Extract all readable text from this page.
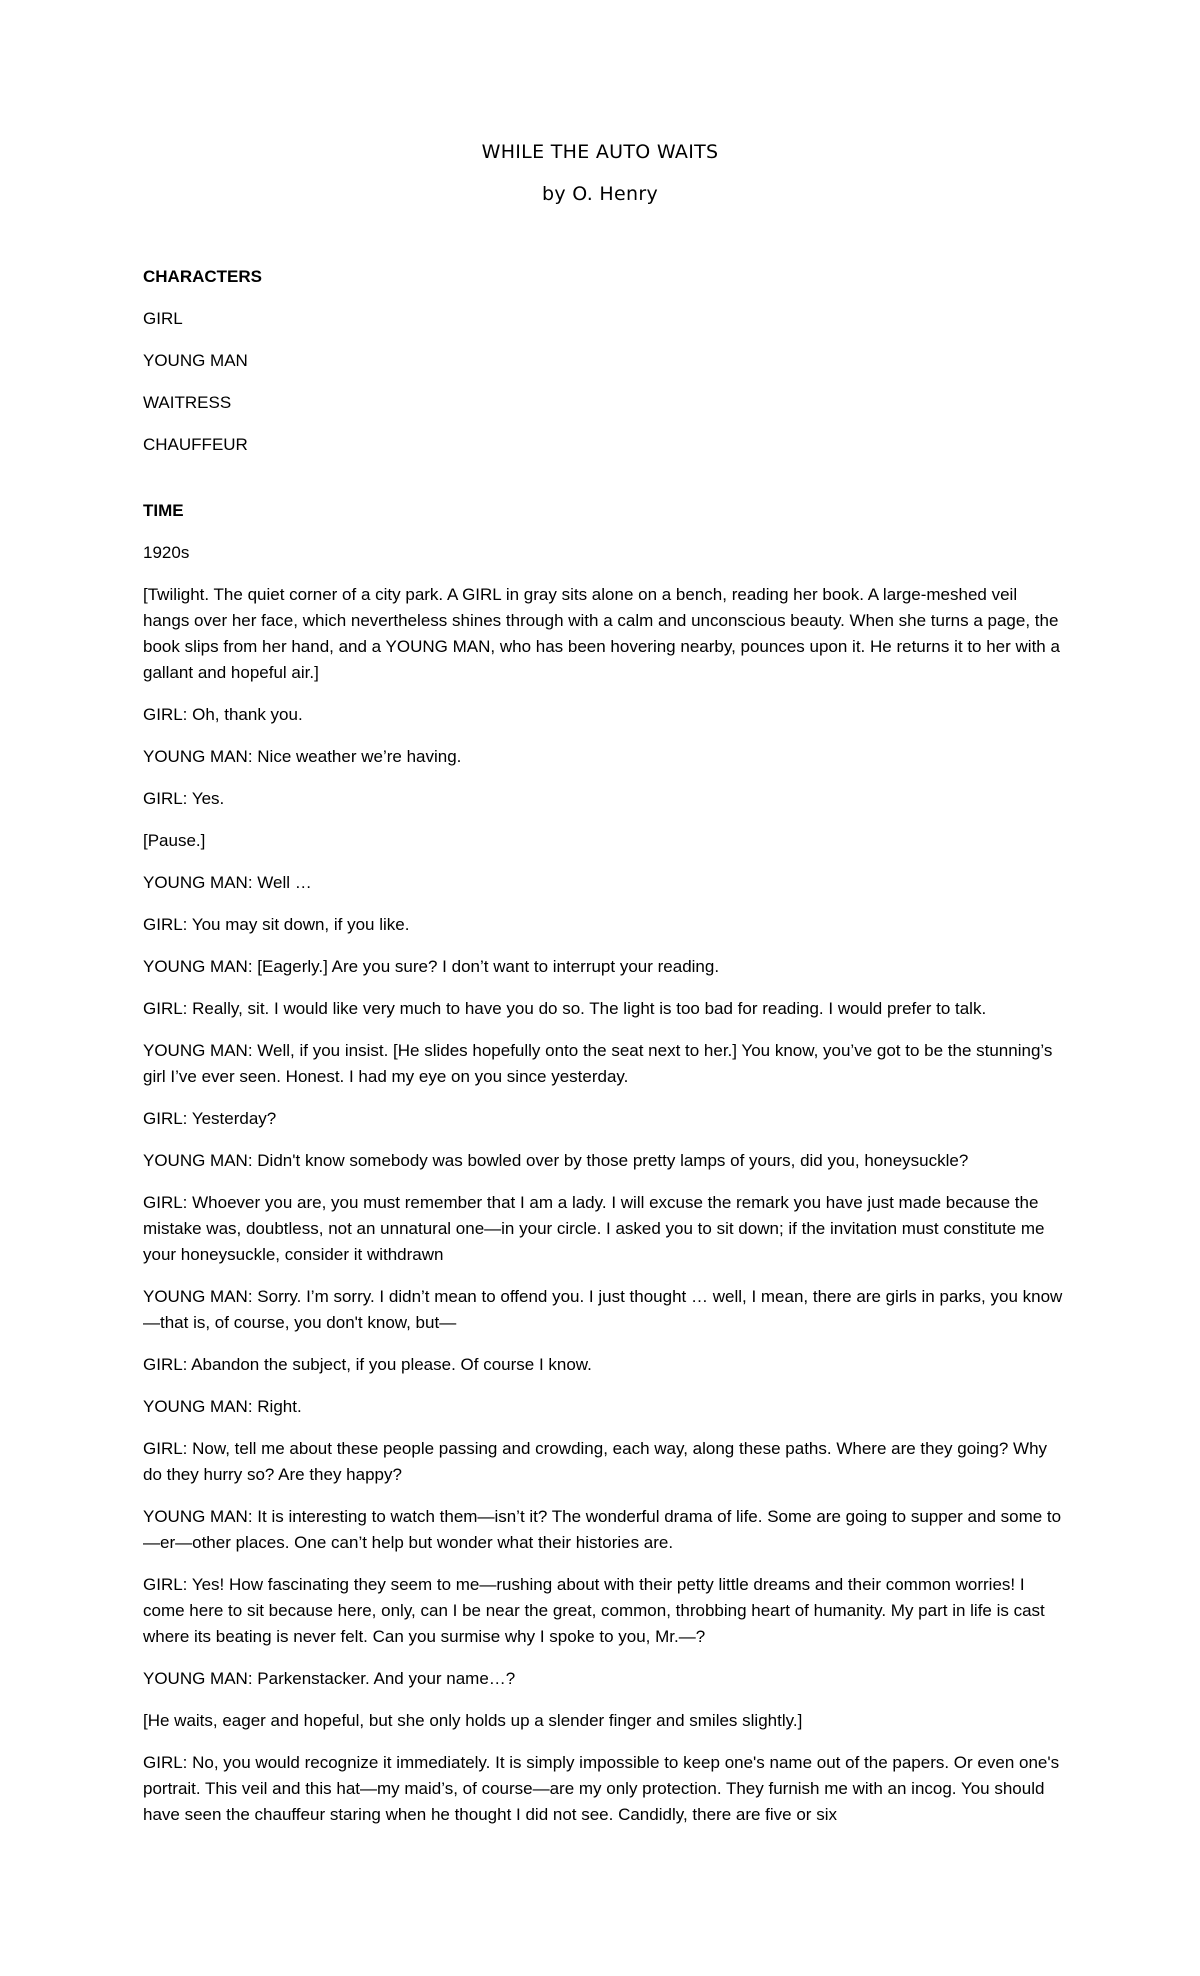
WHILE THE AUTO WAITS
by O. Henry

CHARACTERS

GIRL

YOUNG MAN

WAITRESS

CHAUFFEUR

TIME

1920s

[Twilight. The quiet corner of a city park. A GIRL in gray sits alone on a bench, reading her book. A large-meshed veil hangs over her face, which nevertheless shines through with a calm and unconscious beauty. When she turns a page, the book slips from her hand, and a YOUNG MAN, who has been hovering nearby, pounces upon it. He returns it to her with a gallant and hopeful air.]

GIRL: Oh, thank you.

YOUNG MAN: Nice weather we’re having.

GIRL: Yes.

[Pause.]

YOUNG MAN: Well …

GIRL: You may sit down, if you like.

YOUNG MAN: [Eagerly.] Are you sure? I don’t want to interrupt your reading.

GIRL: Really, sit. I would like very much to have you do so. The light is too bad for reading. I would prefer to talk.

YOUNG MAN: Well, if you insist. [He slides hopefully onto the seat next to her.] You know, you’ve got to be the stunning’s girl I’ve ever seen. Honest. I had my eye on you since yesterday.

GIRL: Yesterday?

YOUNG MAN: Didn't know somebody was bowled over by those pretty lamps of yours, did you, honeysuckle?

GIRL: Whoever you are, you must remember that I am a lady. I will excuse the remark you have just made because the mistake was, doubtless, not an unnatural one—in your circle. I asked you to sit down; if the invitation must constitute me your honeysuckle, consider it withdrawn

YOUNG MAN: Sorry. I’m sorry. I didn’t mean to offend you. I just thought … well, I mean, there are girls in parks, you know—that is, of course, you don't know, but—

GIRL: Abandon the subject, if you please. Of course I know.

YOUNG MAN: Right.

GIRL: Now, tell me about these people passing and crowding, each way, along these paths. Where are they going? Why do they hurry so? Are they happy?

YOUNG MAN: It is interesting to watch them—isn’t it? The wonderful drama of life. Some are going to supper and some to—er—other places. One can’t help but wonder what their histories are.

GIRL: Yes! How fascinating they seem to me—rushing about with their petty little dreams and their common worries! I come here to sit because here, only, can I be near the great, common, throbbing heart of humanity. My part in life is cast where its beating is never felt. Can you surmise why I spoke to you, Mr.—?

YOUNG MAN: Parkenstacker. And your name…?

[He waits, eager and hopeful, but she only holds up a slender finger and smiles slightly.]

GIRL: No, you would recognize it immediately. It is simply impossible to keep one's name out of the papers. Or even one's portrait. This veil and this hat—my maid’s, of course—are my only protection. They furnish me with an incog. You should have seen the chauffeur staring when he thought I did not see. Candidly, there are five or six
